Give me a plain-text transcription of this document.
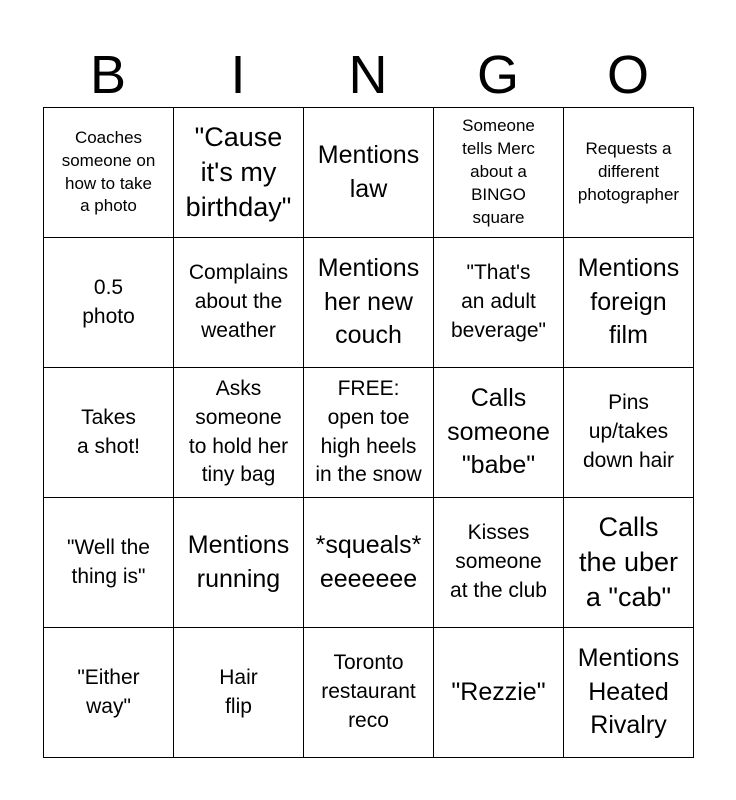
B	I	N	G	O
Coaches
someone on
how to take
a photo
"Cause
it's my
birthday"
Mentions
law
Someone
tells Merc
about a
BINGO
square
Requests a
different
photographer
0.5
photo
Complains
about the
weather
Mentions
her new
couch
"That's
an adult
beverage"
Mentions
foreign
film
Takes
a shot!
Asks
someone
to hold her
tiny bag
FREE:
open toe
high heels
in the snow
Calls
someone
"babe"
Pins
up/takes
down hair
"Well the
thing is"
Mentions
running
*squeals*
eeeeeee
Kisses
someone
at the club
Calls
the uber
a "cab"
"Either
way"
Hair
flip
Toronto
restaurant
reco
"Rezzie"
Mentions
Heated
Rivalry
